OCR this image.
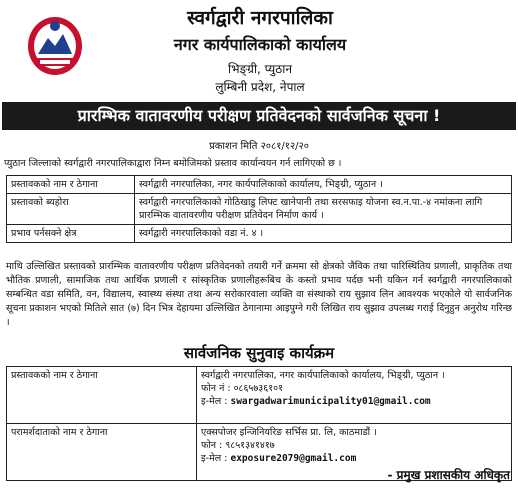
स्वर्गद्वारी नगरपालिका
नगर कार्यपालिकाको कार्यालय
भिङ्ग्री, प्युठान
लुम्बिनी प्रदेश, नेपाल
प्रारम्भिक वातावरणीय परीक्षण प्रतिवेदनको सार्वजनिक सूचना !
प्रकाशन मिति २०८१/१२/२०
प्युठान जिल्लाको स्वर्गद्वारी नगरपालिकाद्वारा निम्न बमोजिमको प्रस्ताव कार्यान्वयन गर्न लागिएको छ ।
प्रस्तावकको नाम र ठेगाना	स्वर्गद्वारी नगरपालिका, नगर कार्यपालिकाको कार्यालय, भिङ्ग्री, प्युठान ।
प्रस्तावको ब्यहोरा	स्वर्गद्वारी नगरपालिकाको गोठिखाडु लिफ्ट खानेपानी तथा सरसफाइ योजना स्व.न.पा.-४ नमांकना लागि प्रारम्भिक वातावरणीय परीक्षण प्रतिवेदन निर्माण कार्य ।
प्रभाव पर्नसक्ने क्षेत्र	स्वर्गद्वारी नगरपालिकाको वडा नं. ४ ।
माथि उल्लिखित प्रस्तावको प्रारम्भिक वातावरणीय परीक्षण प्रतिवेदनको तयारी गर्ने क्रममा सो क्षेत्रको जैविक तथा पारिस्थितिय प्रणाली, प्राकृतिक तथा भौतिक प्रणाली, सामाजिक तथा आर्थिक प्रणाली र सांस्कृतिक प्रणालीहरूबिच के कस्तो प्रभाव पर्दछ भनी यकिन गर्न स्वर्गद्वारी नगरपालिकाको सम्बन्धित वडा समिति, वन, विद्यालय, स्वास्थ्य संस्था तथा अन्य सरोकारवाला व्यक्ति वा संस्थाको राय सुझाव लिन आवश्यक भएकोले यो सार्वजनिक सूचना प्रकाशन भएको मितिले सात (७) दिन भित्र देहायमा उल्लिखित ठेगानामा आइपुग्ने गरी लिखित राय सुझाव उपलब्ध गराई दिनुहुन अनुरोध गरिन्छ ।
सार्वजनिक सुनुवाइ कार्यक्रम
प्रस्तावकको नाम र ठेगाना	स्वर्गद्वारी नगरपालिका, नगर कार्यपालिकाको कार्यालय, भिङ्ग्री, प्युठान ।
फोन नं : ०८६५७३६१०१
इ-मेल : swargadwarimunicipality01@gmail.com

परामर्शदाताको नाम र ठेगाना	एक्सपोजर इन्जिनियरिङ सर्भिस प्रा. लि, काठमाडौं ।
फोन : ९८५१३४१४१७
इ-मेल : exposure2079@gmail.com
- प्रमुख प्रशासकीय अधिकृत
